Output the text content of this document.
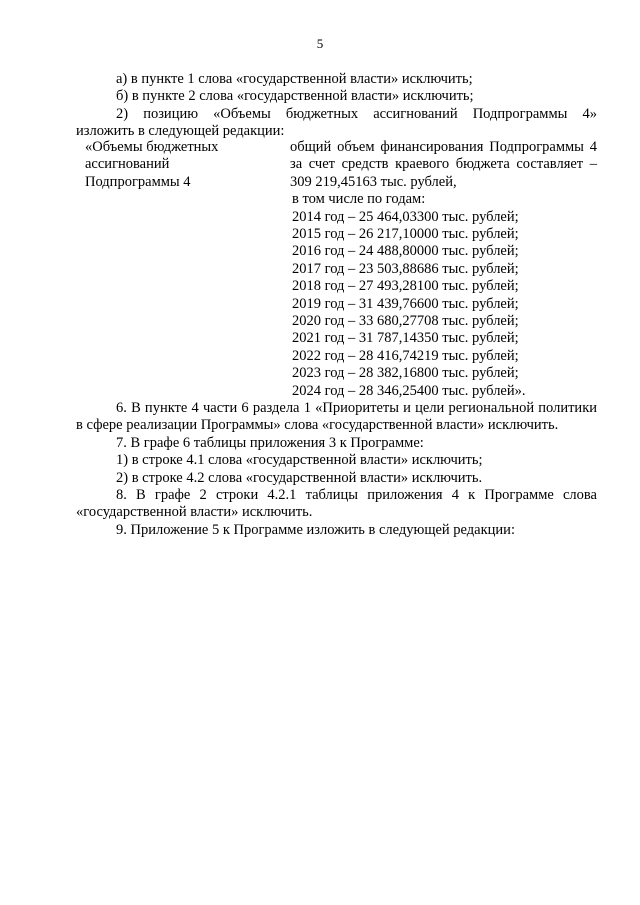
5

а) в пункте 1 слова «государственной власти» исключить;

б) в пункте 2 слова «государственной власти» исключить;

2) позицию «Объемы бюджетных ассигнований Подпрограммы 4»

изложить в следующей редакции:

«Объемы бюджетных

ассигнований

Подпрограммы 4

общий объем финансирования Подпрограммы 4 за счет средств краевого бюджета составляет – 309 219,45163 тыс. рублей,

в том числе по годам:

2014 год – 25 464,03300 тыс. рублей;

2015 год – 26 217,10000 тыс. рублей;

2016 год – 24 488,80000 тыс. рублей;

2017 год – 23 503,88686 тыс. рублей;

2018 год – 27 493,28100 тыс. рублей;

2019 год – 31 439,76600 тыс. рублей;

2020 год – 33 680,27708 тыс. рублей;

2021 год – 31 787,14350 тыс. рублей;

2022 год – 28 416,74219 тыс. рублей;

2023 год – 28 382,16800 тыс. рублей;

2024 год – 28 346,25400 тыс. рублей».

6. В пункте 4 части 6 раздела 1 «Приоритеты и цели региональной политики в сфере реализации Программы» слова «государственной власти» исключить.

7. В графе 6 таблицы приложения 3 к Программе:

1) в строке 4.1 слова «государственной власти» исключить;

2) в строке 4.2 слова «государственной власти» исключить.

8. В графе 2 строки 4.2.1 таблицы приложения 4 к Программе слова «государственной власти» исключить.

9. Приложение 5 к Программе изложить в следующей редакции:
